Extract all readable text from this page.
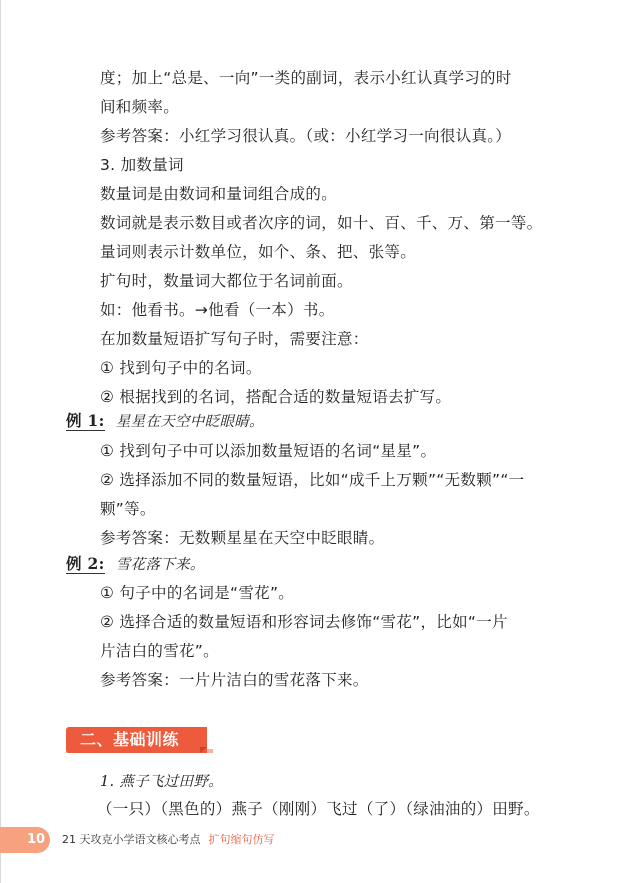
度；加上“总是、一向”一类的副词，表示小红认真学习的时
间和频率。
参考答案：小红学习很认真。（或：小红学习一向很认真。）
3. 加数量词
数量词是由数词和量词组合成的。
数词就是表示数目或者次序的词，如十、百、千、万、第一等。
量词则表示计数单位，如个、条、把、张等。
扩句时，数量词大都位于名词前面。
如：他看书。→他看（一本）书。
在加数量短语扩写句子时，需要注意：
① 找到句子中的名词。
② 根据找到的名词，搭配合适的数量短语去扩写。
例 1: 星星在天空中眨眼睛。
① 找到句子中可以添加数量短语的名词“星星”。
② 选择添加不同的数量短语，比如“成千上万颗”“无数颗”“一
颗”等。
参考答案：无数颗星星在天空中眨眼睛。
例 2: 雪花落下来。
① 句子中的名词是“雪花”。
② 选择合适的数量短语和形容词去修饰“雪花”，比如“一片
片洁白的雪花”。
参考答案：一片片洁白的雪花落下来。
二、基础训练
1. 燕子飞过田野。
（一只）（黑色的）燕子（刚刚）飞过（了）（绿油油的）田野。
10 21 天攻克小学语文核心考点 扩句缩句仿写
